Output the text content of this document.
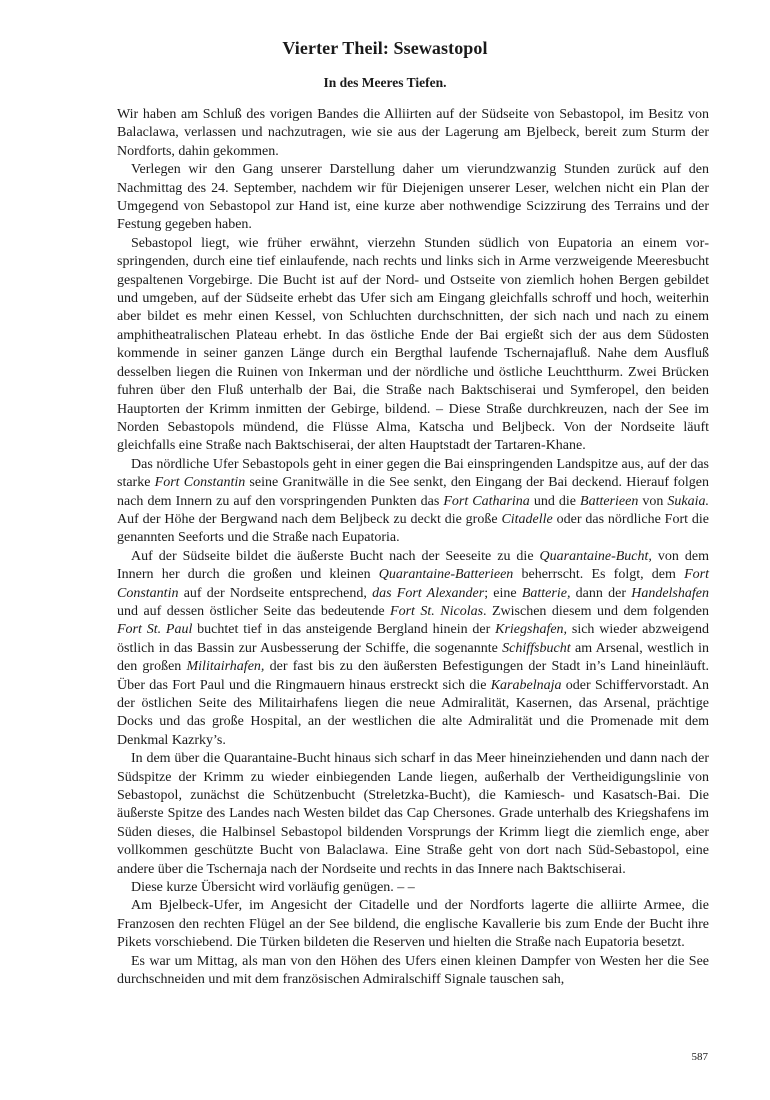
Vierter Theil: Ssewastopol
In des Meeres Tiefen.

Wir haben am Schluß des vorigen Bandes die Alliirten auf der Südseite von Sebastopol, im Besitz von Balaclawa, verlassen und nachzutragen, wie sie aus der Lagerung am Bjelbeck, bereit zum Sturm der Nordforts, dahin gekommen.

Verlegen wir den Gang unserer Darstellung daher um vierundzwanzig Stunden zurück auf den Nachmittag des 24. September, nachdem wir für Diejenigen unserer Leser, welchen nicht ein Plan der Umgegend von Sebastopol zur Hand ist, eine kurze aber nothwendige Scizzirung des Terrains und der Festung gegeben haben.

Sebastopol liegt, wie früher erwähnt, vierzehn Stunden südlich von Eupatoria an einem vorspringenden, durch eine tief einlaufende, nach rechts und links sich in Arme verzweigende Meeresbucht gespaltenen Vorgebirge. Die Bucht ist auf der Nord- und Ostseite von ziemlich hohen Bergen gebildet und umgeben, auf der Südseite erhebt das Ufer sich am Eingang gleichfalls schroff und hoch, weiterhin aber bildet es mehr einen Kessel, von Schluchten durchschnitten, der sich nach und nach zu einem amphitheatralischen Plateau erhebt. In das östliche Ende der Bai ergießt sich der aus dem Südosten kommende in seiner ganzen Länge durch ein Bergthal laufende Tschernajafluß. Nahe dem Ausfluß desselben liegen die Ruinen von Inkerman und der nördliche und östliche Leuchtthurm. Zwei Brücken fuhren über den Fluß unterhalb der Bai, die Straße nach Baktschiserai und Symferopel, den beiden Hauptorten der Krimm inmitten der Gebirge, bildend. – Diese Straße durchkreuzen, nach der See im Norden Sebastopols mündend, die Flüsse Alma, Katscha und Beljbeck. Von der Nordseite läuft gleichfalls eine Straße nach Baktschiserai, der alten Hauptstadt der Tartaren-Khane.

Das nördliche Ufer Sebastopols geht in einer gegen die Bai einspringenden Landspitze aus, auf der das starke Fort Constantin seine Granitwälle in die See senkt, den Eingang der Bai deckend. Hierauf folgen nach dem Innern zu auf den vorspringenden Punkten das Fort Catharina und die Batterieen von Sukaia. Auf der Höhe der Bergwand nach dem Beljbeck zu deckt die große Citadelle oder das nördliche Fort die genannten Seeforts und die Straße nach Eupatoria.

Auf der Südseite bildet die äußerste Bucht nach der Seeseite zu die Quarantaine-Bucht, von dem Innern her durch die großen und kleinen Quarantaine-Batterieen beherrscht. Es folgt, dem Fort Constantin auf der Nordseite entsprechend, das Fort Alexander; eine Batterie, dann der Handelshafen und auf dessen östlicher Seite das bedeutende Fort St. Nicolas. Zwischen diesem und dem folgenden Fort St. Paul buchtet tief in das ansteigende Bergland hinein der Kriegshafen, sich wieder abzweigend östlich in das Bassin zur Ausbesserung der Schiffe, die sogenannte Schiffsbucht am Arsenal, westlich in den großen Militairhafen, der fast bis zu den äußersten Befestigungen der Stadt in’s Land hineinläuft. Über das Fort Paul und die Ringmauern hinaus erstreckt sich die Karabelnaja oder Schiffervorstadt. An der östlichen Seite des Militairhafens liegen die neue Admiralität, Kasernen, das Arsenal, prächtige Docks und das große Hospital, an der westlichen die alte Admiralität und die Promenade mit dem Denkmal Kazrky’s.

In dem über die Quarantaine-Bucht hinaus sich scharf in das Meer hineinziehenden und dann nach der Südspitze der Krimm zu wieder einbiegenden Lande liegen, außerhalb der Vertheidigungslinie von Sebastopol, zunächst die Schützenbucht (Streletzka-Bucht), die Kamiesch- und Kasatsch-Bai. Die äußerste Spitze des Landes nach Westen bildet das Cap Chersones. Grade unterhalb des Kriegshafens im Süden dieses, die Halbinsel Sebastopol bildenden Vorsprungs der Krimm liegt die ziemlich enge, aber vollkommen geschützte Bucht von Balaclawa. Eine Straße geht von dort nach Süd-Sebastopol, eine andere über die Tschernaja nach der Nordseite und rechts in das Innere nach Baktschiserai.

Diese kurze Übersicht wird vorläufig genügen. – –

Am Bjelbeck-Ufer, im Angesicht der Citadelle und der Nordforts lagerte die alliirte Armee, die Franzosen den rechten Flügel an der See bildend, die englische Kavallerie bis zum Ende der Bucht ihre Pikets vorschiebend. Die Türken bildeten die Reserven und hielten die Straße nach Eupatoria besetzt.

Es war um Mittag, als man von den Höhen des Ufers einen kleinen Dampfer von Westen her die See durchschneiden und mit dem französischen Admiralschiff Signale tauschen sah,

587
